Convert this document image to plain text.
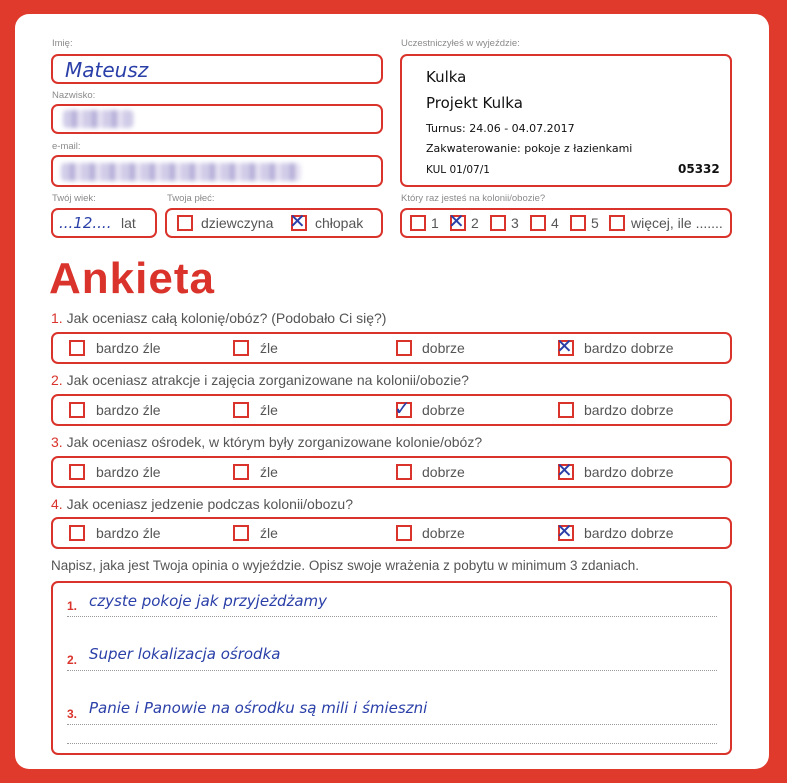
Imię:
Mateusz
Nazwisko:
e-mail:
Twój wiek:
...12.... lat
Twoja płeć:
dziewczyna ✕ chłopak
Uczestniczyłeś w wyjeździe:
Kulka
Projekt Kulka
Turnus: 24.06 - 04.07.2017
Zakwaterowanie: pokoje z łazienkami
KUL 01/07/1	05332
Który raz jesteś na kolonii/obozie?
1 ✕ 2 3 4 5 więcej, ile .......
Ankieta
1. Jak oceniasz całą kolonię/obóz? (Podobało Ci się?)
bardzo źle	źle	dobrze	✕ bardzo dobrze
2. Jak oceniasz atrakcje i zajęcia zorganizowane na kolonii/obozie?
bardzo źle	źle	✓ dobrze	bardzo dobrze
3. Jak oceniasz ośrodek, w którym były zorganizowane kolonie/obóz?
bardzo źle	źle	dobrze	✕ bardzo dobrze
4. Jak oceniasz jedzenie podczas kolonii/obozu?
bardzo źle	źle	dobrze	✕ bardzo dobrze
Napisz, jaka jest Twoja opinia o wyjeździe. Opisz swoje wrażenia z pobytu w minimum 3 zdaniach.
1. czyste pokoje jak przyjeżdżamy
2. Super lokalizacja ośrodka
3. Panie i Panowie na ośrodku są mili i śmieszni
